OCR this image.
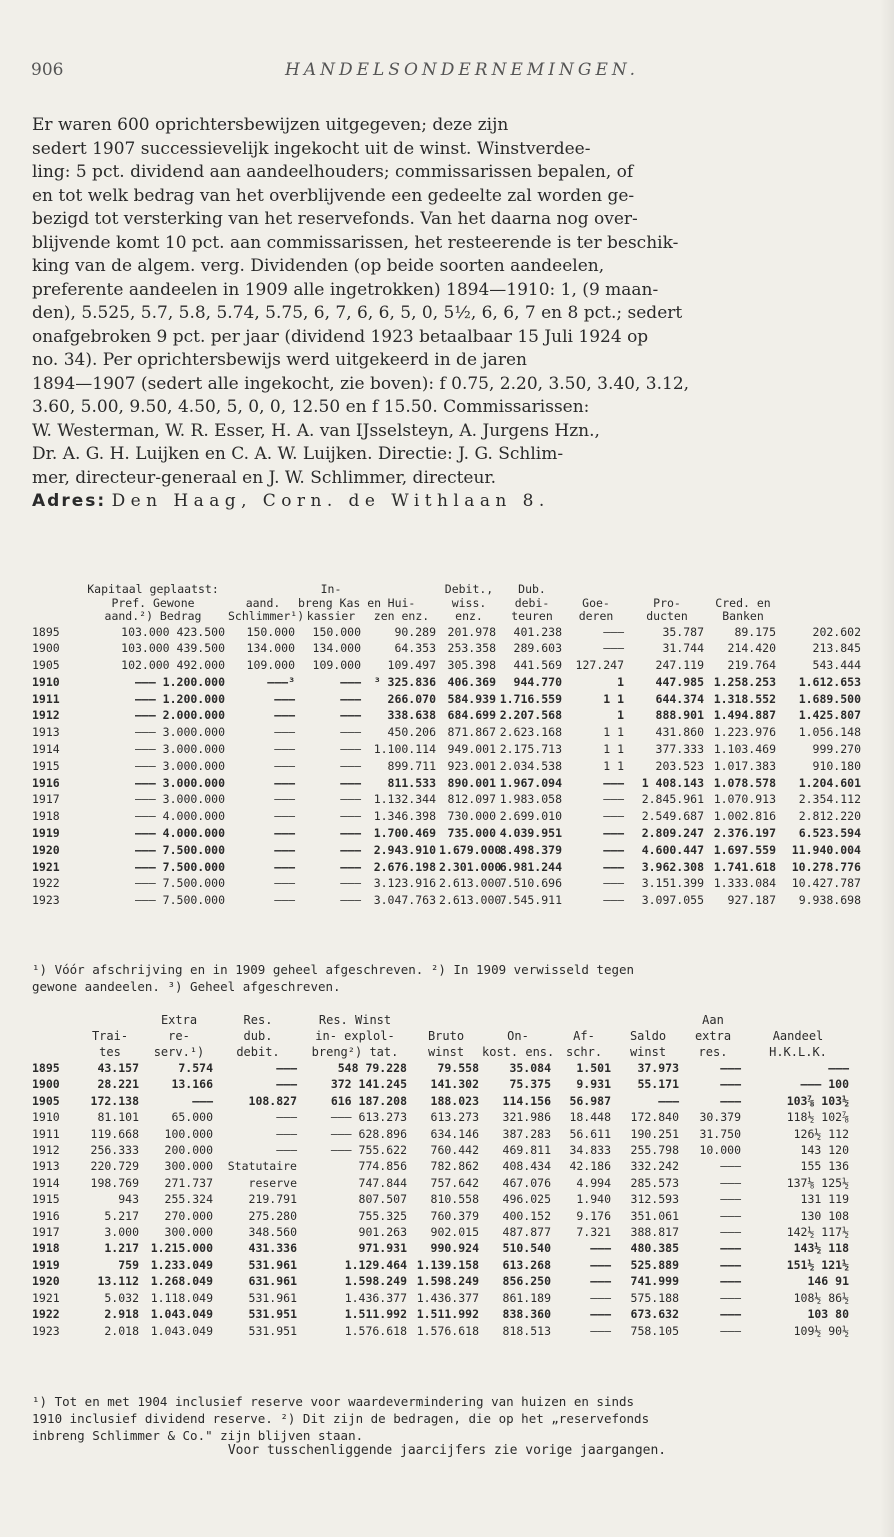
906	HANDELSONDERNEMINGEN.

Er waren 600 oprichtersbewijzen uitgegeven; deze zijn

sedert 1907 successievelijk ingekocht uit de winst. Winstverdee-

ling: 5 pct. dividend aan aandeelhouders; commissarissen bepalen, of

en tot welk bedrag van het overblijvende een gedeelte zal worden ge-

bezigd tot versterking van het reservefonds. Van het daarna nog over-

blijvende komt 10 pct. aan commissarissen, het resteerende is ter beschik-

king van de algem. verg. Dividenden (op beide soorten aandeelen,

preferente aandeelen in 1909 alle ingetrokken) 1894—1910: 1, (9 maan-

den), 5.525, 5.7, 5.8, 5.74, 5.75, 6, 7, 6, 6, 5, 0, 5½, 6, 6, 7 en 8 pct.; sedert

onafgebroken 9 pct. per jaar (dividend 1923 betaalbaar 15 Juli 1924 op

no. 34). Per oprichtersbewijs werd uitgekeerd in de jaren

1894—1907 (sedert alle ingekocht, zie boven): f 0.75, 2.20, 3.50, 3.40, 3.12,

3.60, 5.00, 9.50, 4.50, 5, 0, 0, 12.50 en f 15.50. Commissarissen:

W. Westerman, W. R. Esser, H. A. van IJsselsteyn, A. Jurgens Hzn.,

Dr. A. G. H. Luijken en C. A. W. Luijken. Directie: J. G. Schlim-

mer, directeur-generaal en J. W. Schlimmer, directeur.

Adres: Den Haag, Corn. de Withlaan 8.

	Kapitaal geplaatst:		In-		Debit.,	Dub.				
	Pref. Gewone	aand.	breng Kas en	Hui-	wiss.	debi-	Goe-	Pro-	Cred. en	
	aand.²) Bedrag	Schlimmer¹)	kassier	zen enz.	enz.	teuren	deren	ducten	Banken	
1895	103.000 423.500	150.000	150.000	90.289	201.978	401.238	———	35.787	89.175	202.602
1900	103.000 439.500	134.000	134.000	64.353	253.358	289.603	———	31.744	214.420	213.845
1905	102.000 492.000	109.000	109.000	109.497	305.398	441.569	127.247	247.119	219.764	543.444
1910	——— 1.200.000	———³	———	³ 325.836	406.369	944.770	1	447.985	1.258.253	1.612.653
1911	——— 1.200.000	———	———	266.070	584.939	1.716.559	1 1	644.374	1.318.552	1.689.500
1912	——— 2.000.000	———	———	338.638	684.699	2.207.568	1	888.901	1.494.887	1.425.807
1913	——— 3.000.000	———	———	450.206	871.867	2.623.168	1 1	431.860	1.223.976	1.056.148
1914	——— 3.000.000	———	———	1.100.114	949.001	2.175.713	1 1	377.333	1.103.469	999.270
1915	——— 3.000.000	———	———	899.711	923.001	2.034.538	1 1	203.523	1.017.383	910.180
1916	——— 3.000.000	———	———	811.533	890.001	1.967.094	———	1 408.143	1.078.578	1.204.601
1917	——— 3.000.000	———	———	1.132.344	812.097	1.983.058	———	2.845.961	1.070.913	2.354.112
1918	——— 4.000.000	———	———	1.346.398	730.000	2.699.010	———	2.549.687	1.002.816	2.812.220
1919	——— 4.000.000	———	———	1.700.469	735.000	4.039.951	———	2.809.247	2.376.197	6.523.594
1920	——— 7.500.000	———	———	2.943.910	1.679.000	8.498.379	———	4.600.447	1.697.559	11.940.004
1921	——— 7.500.000	———	———	2.676.198	2.301.000	6.981.244	———	3.962.308	1.741.618	10.278.776
1922	——— 7.500.000	———	———	3.123.916	2.613.000	7.510.696	———	3.151.399	1.333.084	10.427.787
1923	——— 7.500.000	———	———	3.047.763	2.613.000	7.545.911	———	3.097.055	927.187	9.938.698

¹) Vóór afschrijving en in 1909 geheel afgeschreven. ²) In 1909 verwisseld tegen

gewone aandeelen. ³) Geheel afgeschreven.

		Extra	Res.	Res. Winst					Aan	
	Trai-	re-	dub.	in- explol-	Bruto	On-	Af-	Saldo	extra	Aandeel
	tes	serv.¹)	debit.	breng²) tat.	winst	kost. ens.	schr.	winst	res.	H.K.L.K.
1895	43.157	7.574	———	548 79.228	79.558	35.084	1.501	37.973	———	———
1900	28.221	13.166	———	372 141.245	141.302	75.375	9.931	55.171	———	——— 100
1905	172.138	———	108.827	616 187.208	188.023	114.156	56.987	———	———	103⅞ 103½
1910	81.101	65.000	———	——— 613.273	613.273	321.986	18.448	172.840	30.379	118½ 102⅞
1911	119.668	100.000	———	——— 628.896	634.146	387.283	56.611	190.251	31.750	126½ 112
1912	256.333	200.000	———	——— 755.622	760.442	469.811	34.833	255.798	10.000	143 120
1913	220.729	300.000	Statutaire	774.856	782.862	408.434	42.186	332.242	———	155 136
1914	198.769	271.737	reserve	747.844	757.642	467.076	4.994	285.573	———	137⅛ 125½
1915	943	255.324	219.791	807.507	810.558	496.025	1.940	312.593	———	131 119
1916	5.217	270.000	275.280	755.325	760.379	400.152	9.176	351.061	———	130 108
1917	3.000	300.000	348.560	901.263	902.015	487.877	7.321	388.817	———	142½ 117½
1918	1.217	1.215.000	431.336	971.931	990.924	510.540	———	480.385	———	143½ 118
1919	759	1.233.049	531.961	1.129.464	1.139.158	613.268	———	525.889	———	151½ 121½
1920	13.112	1.268.049	631.961	1.598.249	1.598.249	856.250	———	741.999	———	146 91
1921	5.032	1.118.049	531.961	1.436.377	1.436.377	861.189	———	575.188	———	108½ 86½
1922	2.918	1.043.049	531.951	1.511.992	1.511.992	838.360	———	673.632	———	103 80
1923	2.018	1.043.049	531.951	1.576.618	1.576.618	818.513	———	758.105	———	109½ 90½

¹) Tot en met 1904 inclusief reserve voor waardevermindering van huizen en sinds

1910 inclusief dividend reserve. ²) Dit zijn de bedragen, die op het „reservefonds

inbreng Schlimmer & Co." zijn blijven staan.

Voor tusschenliggende jaarcijfers zie vorige jaargangen.
